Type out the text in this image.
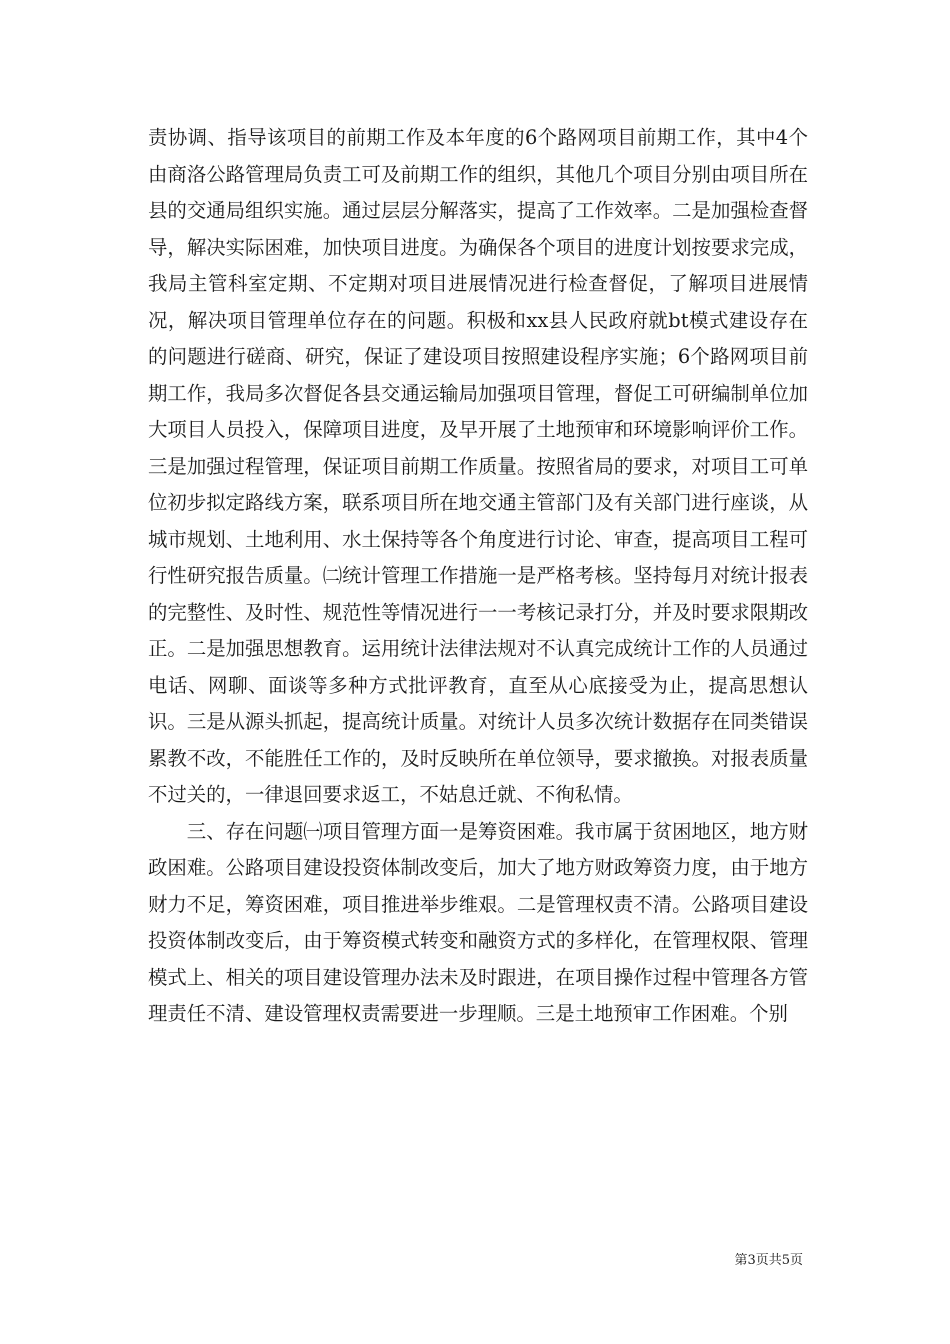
责协调、指导该项目的前期工作及本年度的6个路网项目前期工作，其中4个由商洛公路管理局负责工可及前期工作的组织，其他几个项目分别由项目所在县的交通局组织实施。通过层层分解落实，提高了工作效率。二是加强检查督导，解决实际困难，加快项目进度。为确保各个项目的进度计划按要求完成，我局主管科室定期、不定期对项目进展情况进行检查督促，了解项目进展情况，解决项目管理单位存在的问题。积极和xx县人民政府就bt模式建设存在的问题进行磋商、研究，保证了建设项目按照建设程序实施；6个路网项目前期工作，我局多次督促各县交通运输局加强项目管理，督促工可研编制单位加大项目人员投入，保障项目进度，及早开展了土地预审和环境影响评价工作。三是加强过程管理，保证项目前期工作质量。按照省局的要求，对项目工可单位初步拟定路线方案，联系项目所在地交通主管部门及有关部门进行座谈，从城市规划、土地利用、水土保持等各个角度进行讨论、审查，提高项目工程可行性研究报告质量。㈡统计管理工作措施一是严格考核。坚持每月对统计报表的完整性、及时性、规范性等情况进行一一考核记录打分，并及时要求限期改正。二是加强思想教育。运用统计法律法规对不认真完成统计工作的人员通过电话、网聊、面谈等多种方式批评教育，直至从心底接受为止，提高思想认识。三是从源头抓起，提高统计质量。对统计人员多次统计数据存在同类错误累教不改，不能胜任工作的，及时反映所在单位领导，要求撤换。对报表质量不过关的，一律退回要求返工，不姑息迁就、不徇私情。

三、存在问题㈠项目管理方面一是筹资困难。我市属于贫困地区，地方财政困难。公路项目建设投资体制改变后，加大了地方财政筹资力度，由于地方财力不足，筹资困难，项目推进举步维艰。二是管理权责不清。公路项目建设投资体制改变后，由于筹资模式转变和融资方式的多样化，在管理权限、管理模式上、相关的项目建设管理办法未及时跟进，在项目操作过程中管理各方管理责任不清、建设管理权责需要进一步理顺。三是土地预审工作困难。个别

第3页共5页
